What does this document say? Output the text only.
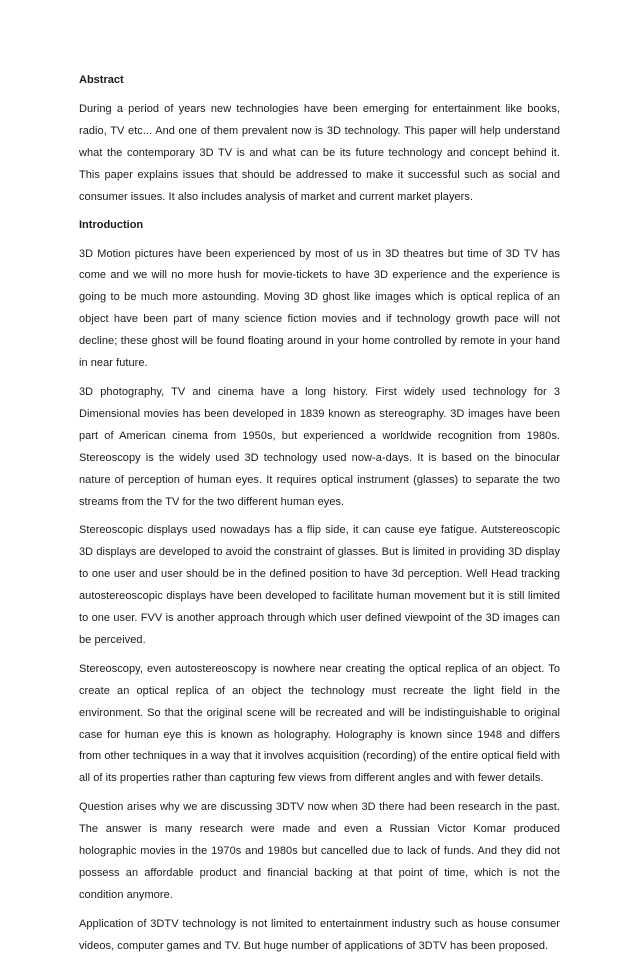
Abstract

During a period of years new technologies have been emerging for entertainment like books, radio, TV etc... And one of them prevalent now is 3D technology. This paper will help understand what the contemporary 3D TV is and what can be its future technology and concept behind it. This paper explains issues that should be addressed to make it successful such as social and consumer issues. It also includes analysis of market and current market players.

Introduction

3D Motion pictures have been experienced by most of us in 3D theatres but time of 3D TV has come and we will no more hush for movie-tickets to have 3D experience and the experience is going to be much more astounding. Moving 3D ghost like images which is optical replica of an object have been part of many science fiction movies and if technology growth pace will not decline; these ghost will be found floating around in your home controlled by remote in your hand in near future.

3D photography, TV and cinema have a long history. First widely used technology for 3 Dimensional movies has been developed in 1839 known as stereography. 3D images have been part of American cinema from 1950s, but experienced a worldwide recognition from 1980s. Stereoscopy is the widely used 3D technology used now-a-days. It is based on the binocular nature of perception of human eyes. It requires optical instrument (glasses) to separate the two streams from the TV for the two different human eyes.

Stereoscopic displays used nowadays has a flip side, it can cause eye fatigue. Autstereoscopic 3D displays are developed to avoid the constraint of glasses. But is limited in providing 3D display to one user and user should be in the defined position to have 3d perception. Well Head tracking autostereoscopic displays have been developed to facilitate human movement but it is still limited to one user. FVV is another approach through which user defined viewpoint of the 3D images can be perceived.

Stereoscopy, even autostereoscopy is nowhere near creating the optical replica of an object. To create an optical replica of an object the technology must recreate the light field in the environment. So that the original scene will be recreated and will be indistinguishable to original case for human eye this is known as holography. Holography is known since 1948 and differs from other techniques in a way that it involves acquisition (recording) of the entire optical field with all of its properties rather than capturing few views from different angles and with fewer details.

Question arises why we are discussing 3DTV now when 3D there had been research in the past. The answer is many research were made and even a Russian Victor Komar produced holographic movies in the 1970s and 1980s but cancelled due to lack of funds. And they did not possess an affordable product and financial backing at that point of time, which is not the condition anymore.

Application of 3DTV technology is not limited to entertainment industry such as house consumer videos, computer games and TV. But huge number of applications of 3DTV has been proposed.
